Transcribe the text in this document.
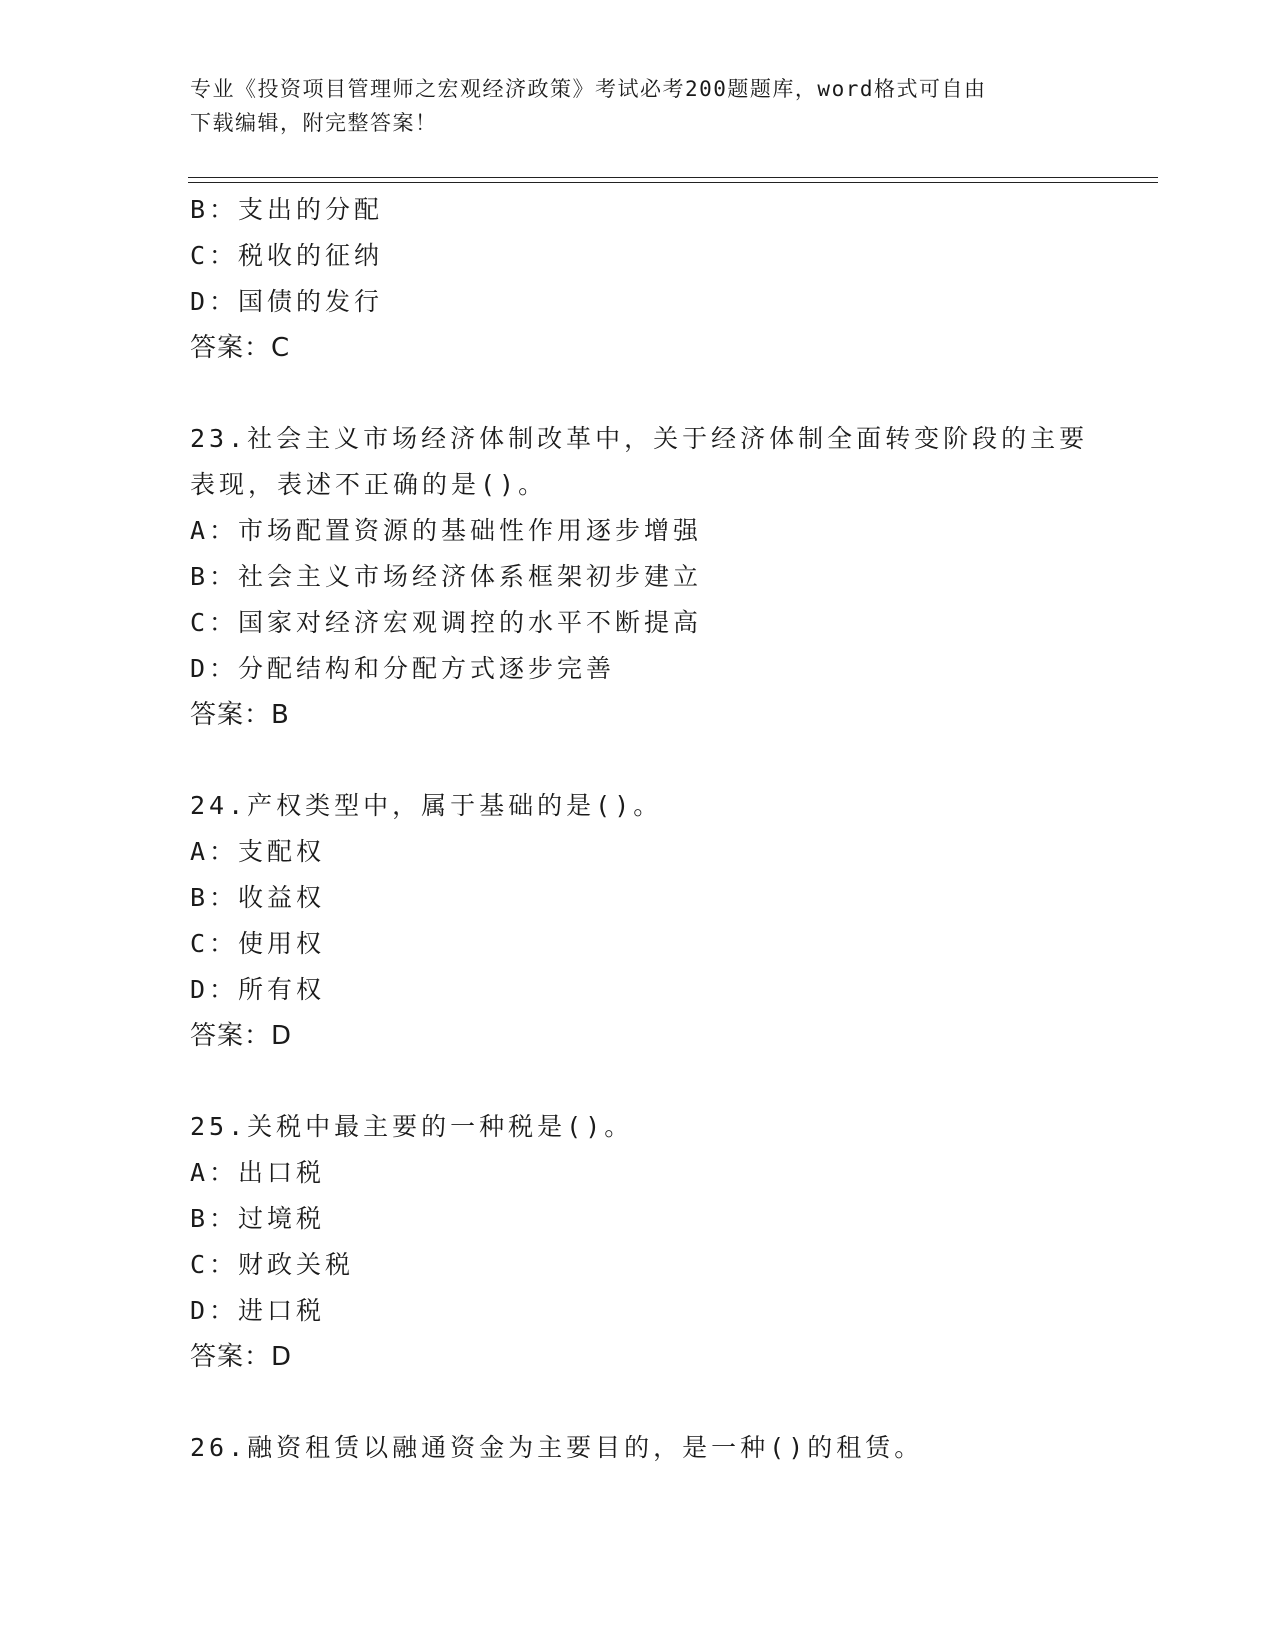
专业《投资项目管理师之宏观经济政策》考试必考200题题库，word格式可自由
下载编辑，附完整答案！
B：支出的分配
C：税收的征纳
D：国债的发行
答案：C
23.社会主义市场经济体制改革中，关于经济体制全面转变阶段的主要
表现，表述不正确的是()。
A：市场配置资源的基础性作用逐步增强
B：社会主义市场经济体系框架初步建立
C：国家对经济宏观调控的水平不断提高
D：分配结构和分配方式逐步完善
答案：B
24.产权类型中，属于基础的是()。
A：支配权
B：收益权
C：使用权
D：所有权
答案：D
25.关税中最主要的一种税是()。
A：出口税
B：过境税
C：财政关税
D：进口税
答案：D
26.融资租赁以融通资金为主要目的，是一种()的租赁。
